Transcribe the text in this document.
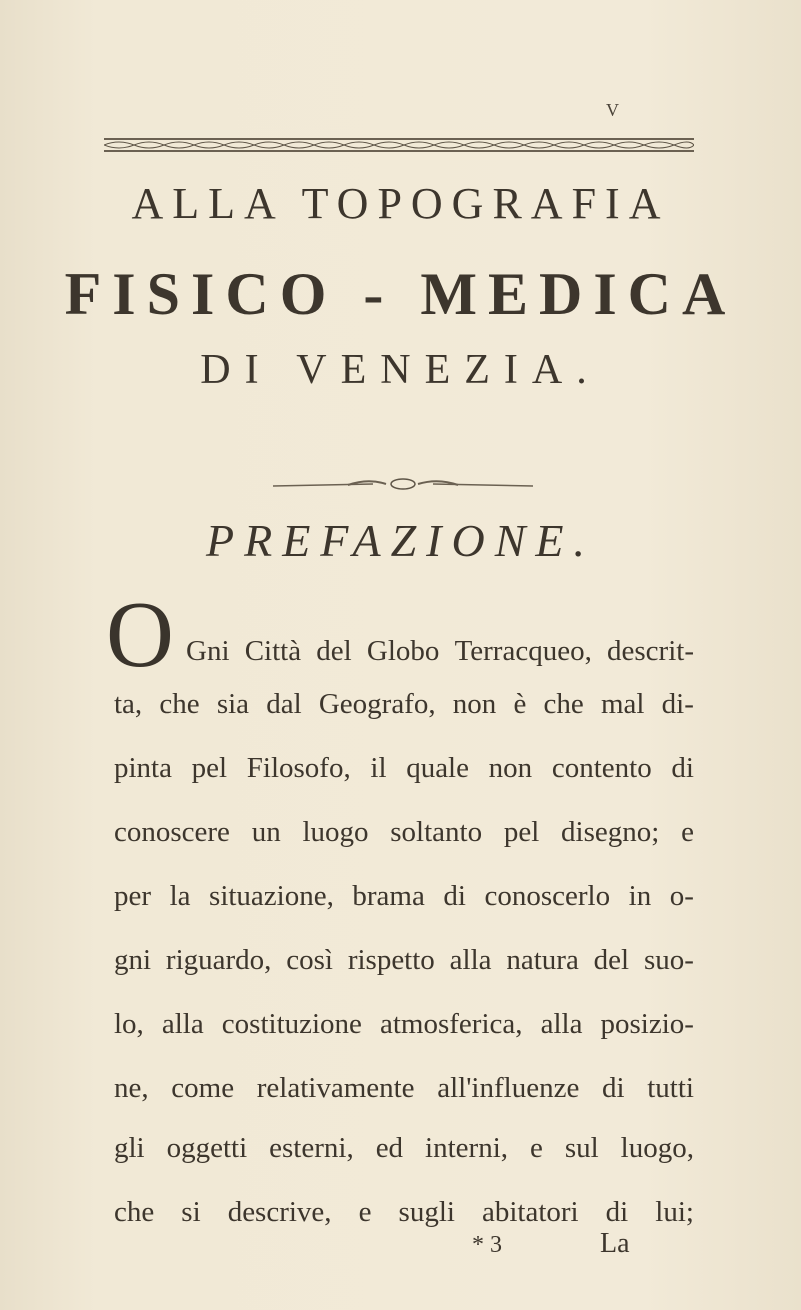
V
ALLA TOPOGRAFIA
FISICO - MEDICA
DI VENEZIA.
PREFAZIONE.
O Gni Città del Globo Terracqueo, descrit-
ta, che sia dal Geografo, non è che mal di-
pinta pel Filosofo, il quale non contento di
conoscere un luogo soltanto pel disegno; e
per la situazione, brama di conoscerlo in o-
gni riguardo, così rispetto alla natura del suo-
lo, alla costituzione atmosferica, alla posizio-
ne, come relativamente all'influenze di tutti
gli oggetti esterni, ed interni, e sul luogo,
che si descrive, e sugli abitatori di lui;
* 3	La
